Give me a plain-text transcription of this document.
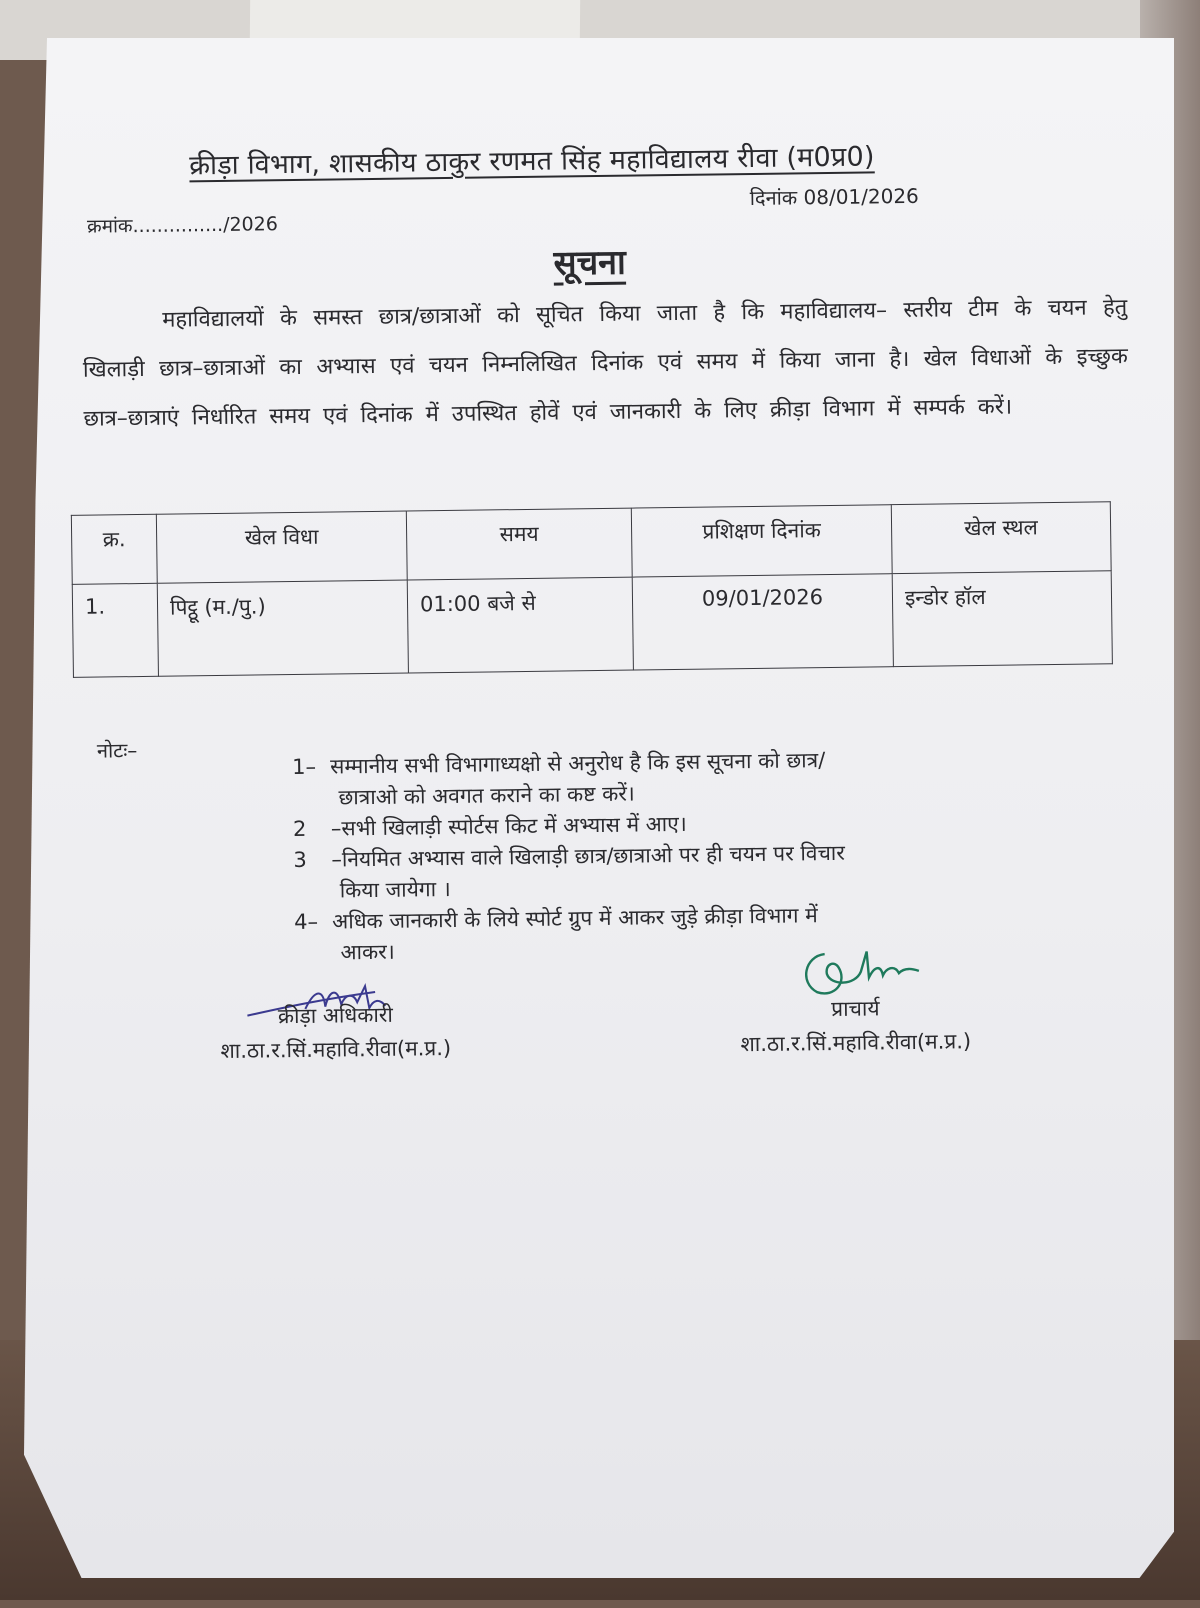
क्रीड़ा विभाग, शासकीय ठाकुर रणमत सिंह महाविद्यालय रीवा (म0प्र0)
दिनांक 08/01/2026
क्रमांक.............../2026
सूचना
महाविद्यालयों के समस्त छात्र/छात्राओं को सूचित किया जाता है कि महाविद्यालय– स्तरीय टीम के चयन हेतु खिलाड़ी छात्र–छात्राओं का अभ्यास एवं चयन निम्नलिखित दिनांक एवं समय में किया जाना है। खेल विधाओं के इच्छुक छात्र–छात्राएं निर्धारित समय एवं दिनांक में उपस्थित होवें एवं जानकारी के लिए क्रीड़ा विभाग में सम्पर्क करें।
क्र.	खेल विधा	समय	प्रशिक्षण दिनांक	खेल स्थल
1.	पिट्ठू (म./पु.)	01:00 बजे से	09/01/2026	इन्डोर हॉल
नोटः–
1– सम्मानीय सभी विभागाध्यक्षो से अनुरोध है कि इस सूचना को छात्र/
छात्राओ को अवगत कराने का कष्ट करें।
2 –सभी खिलाड़ी स्पोर्टस किट में अभ्यास में आए।
3 –नियमित अभ्यास वाले खिलाड़ी छात्र/छात्राओ पर ही चयन पर विचार
किया जायेगा ।
4– अधिक जानकारी के लिये स्पोर्ट ग्रुप में आकर जुड़े क्रीड़ा विभाग में
आकर।
क्रीड़ा अधिकारी
शा.ठा.र.सिं.महावि.रीवा(म.प्र.)
प्राचार्य
शा.ठा.र.सिं.महावि.रीवा(म.प्र.)
